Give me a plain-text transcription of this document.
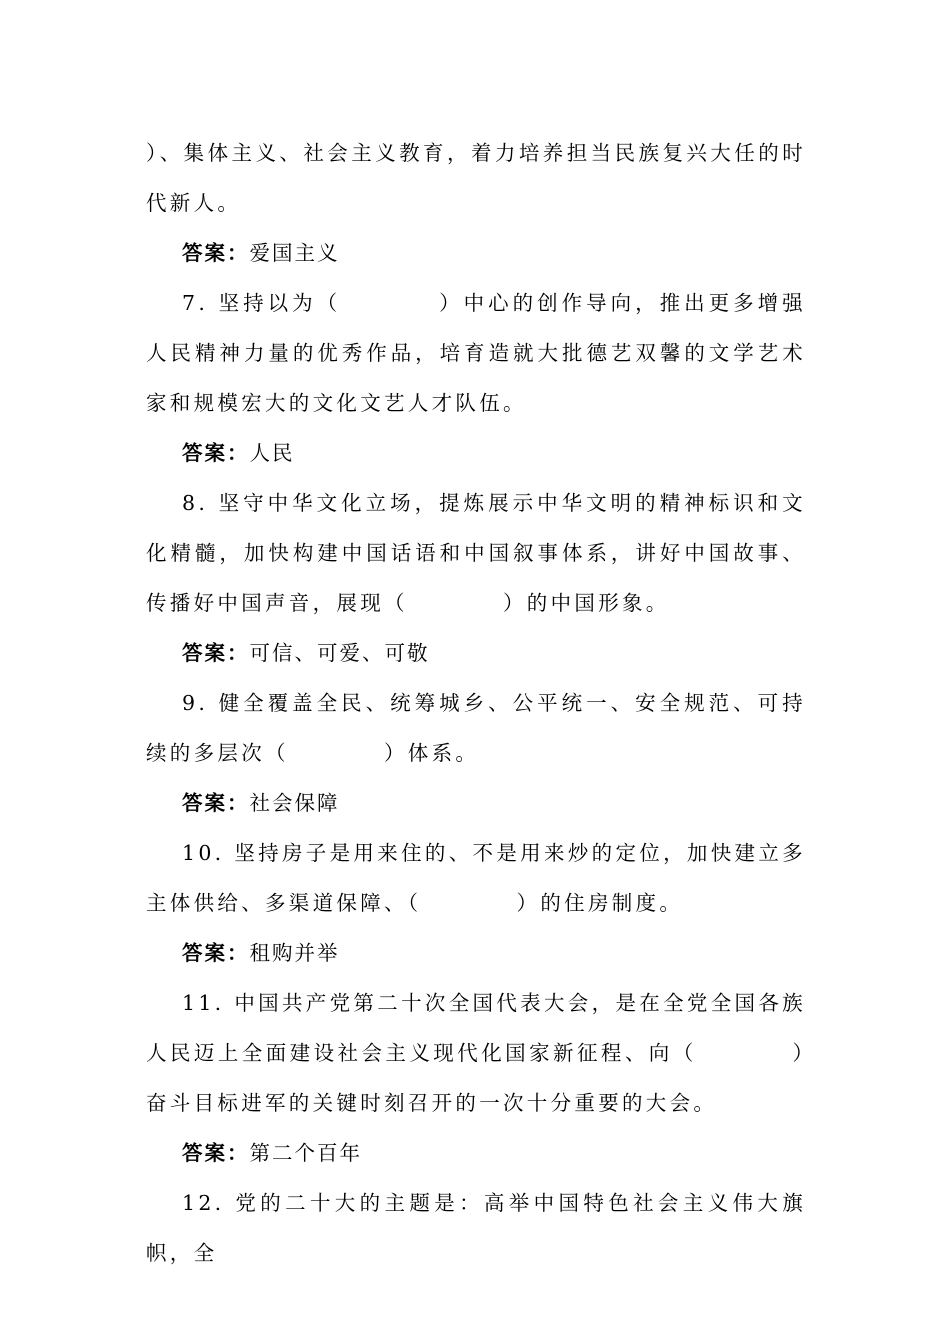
）、集体主义、社会主义教育，着力培养担当民族复兴大任的时代新人。

答案：爱国主义

7. 坚持以为（　　　　）中心的创作导向，推出更多增强人民精神力量的优秀作品，培育造就大批德艺双馨的文学艺术家和规模宏大的文化文艺人才队伍。

答案：人民

8. 坚守中华文化立场，提炼展示中华文明的精神标识和文化精髓，加快构建中国话语和中国叙事体系，讲好中国故事、传播好中国声音，展现（　　　　）的中国形象。

答案：可信、可爱、可敬

9. 健全覆盖全民、统筹城乡、公平统一、安全规范、可持续的多层次（　　　　）体系。

答案：社会保障

10. 坚持房子是用来住的、不是用来炒的定位，加快建立多主体供给、多渠道保障、（　　　　）的住房制度。

答案：租购并举

11. 中国共产党第二十次全国代表大会，是在全党全国各族人民迈上全面建设社会主义现代化国家新征程、向（　　　　）奋斗目标进军的关键时刻召开的一次十分重要的大会。

答案：第二个百年

12. 党的二十大的主题是：高举中国特色社会主义伟大旗帜，全
